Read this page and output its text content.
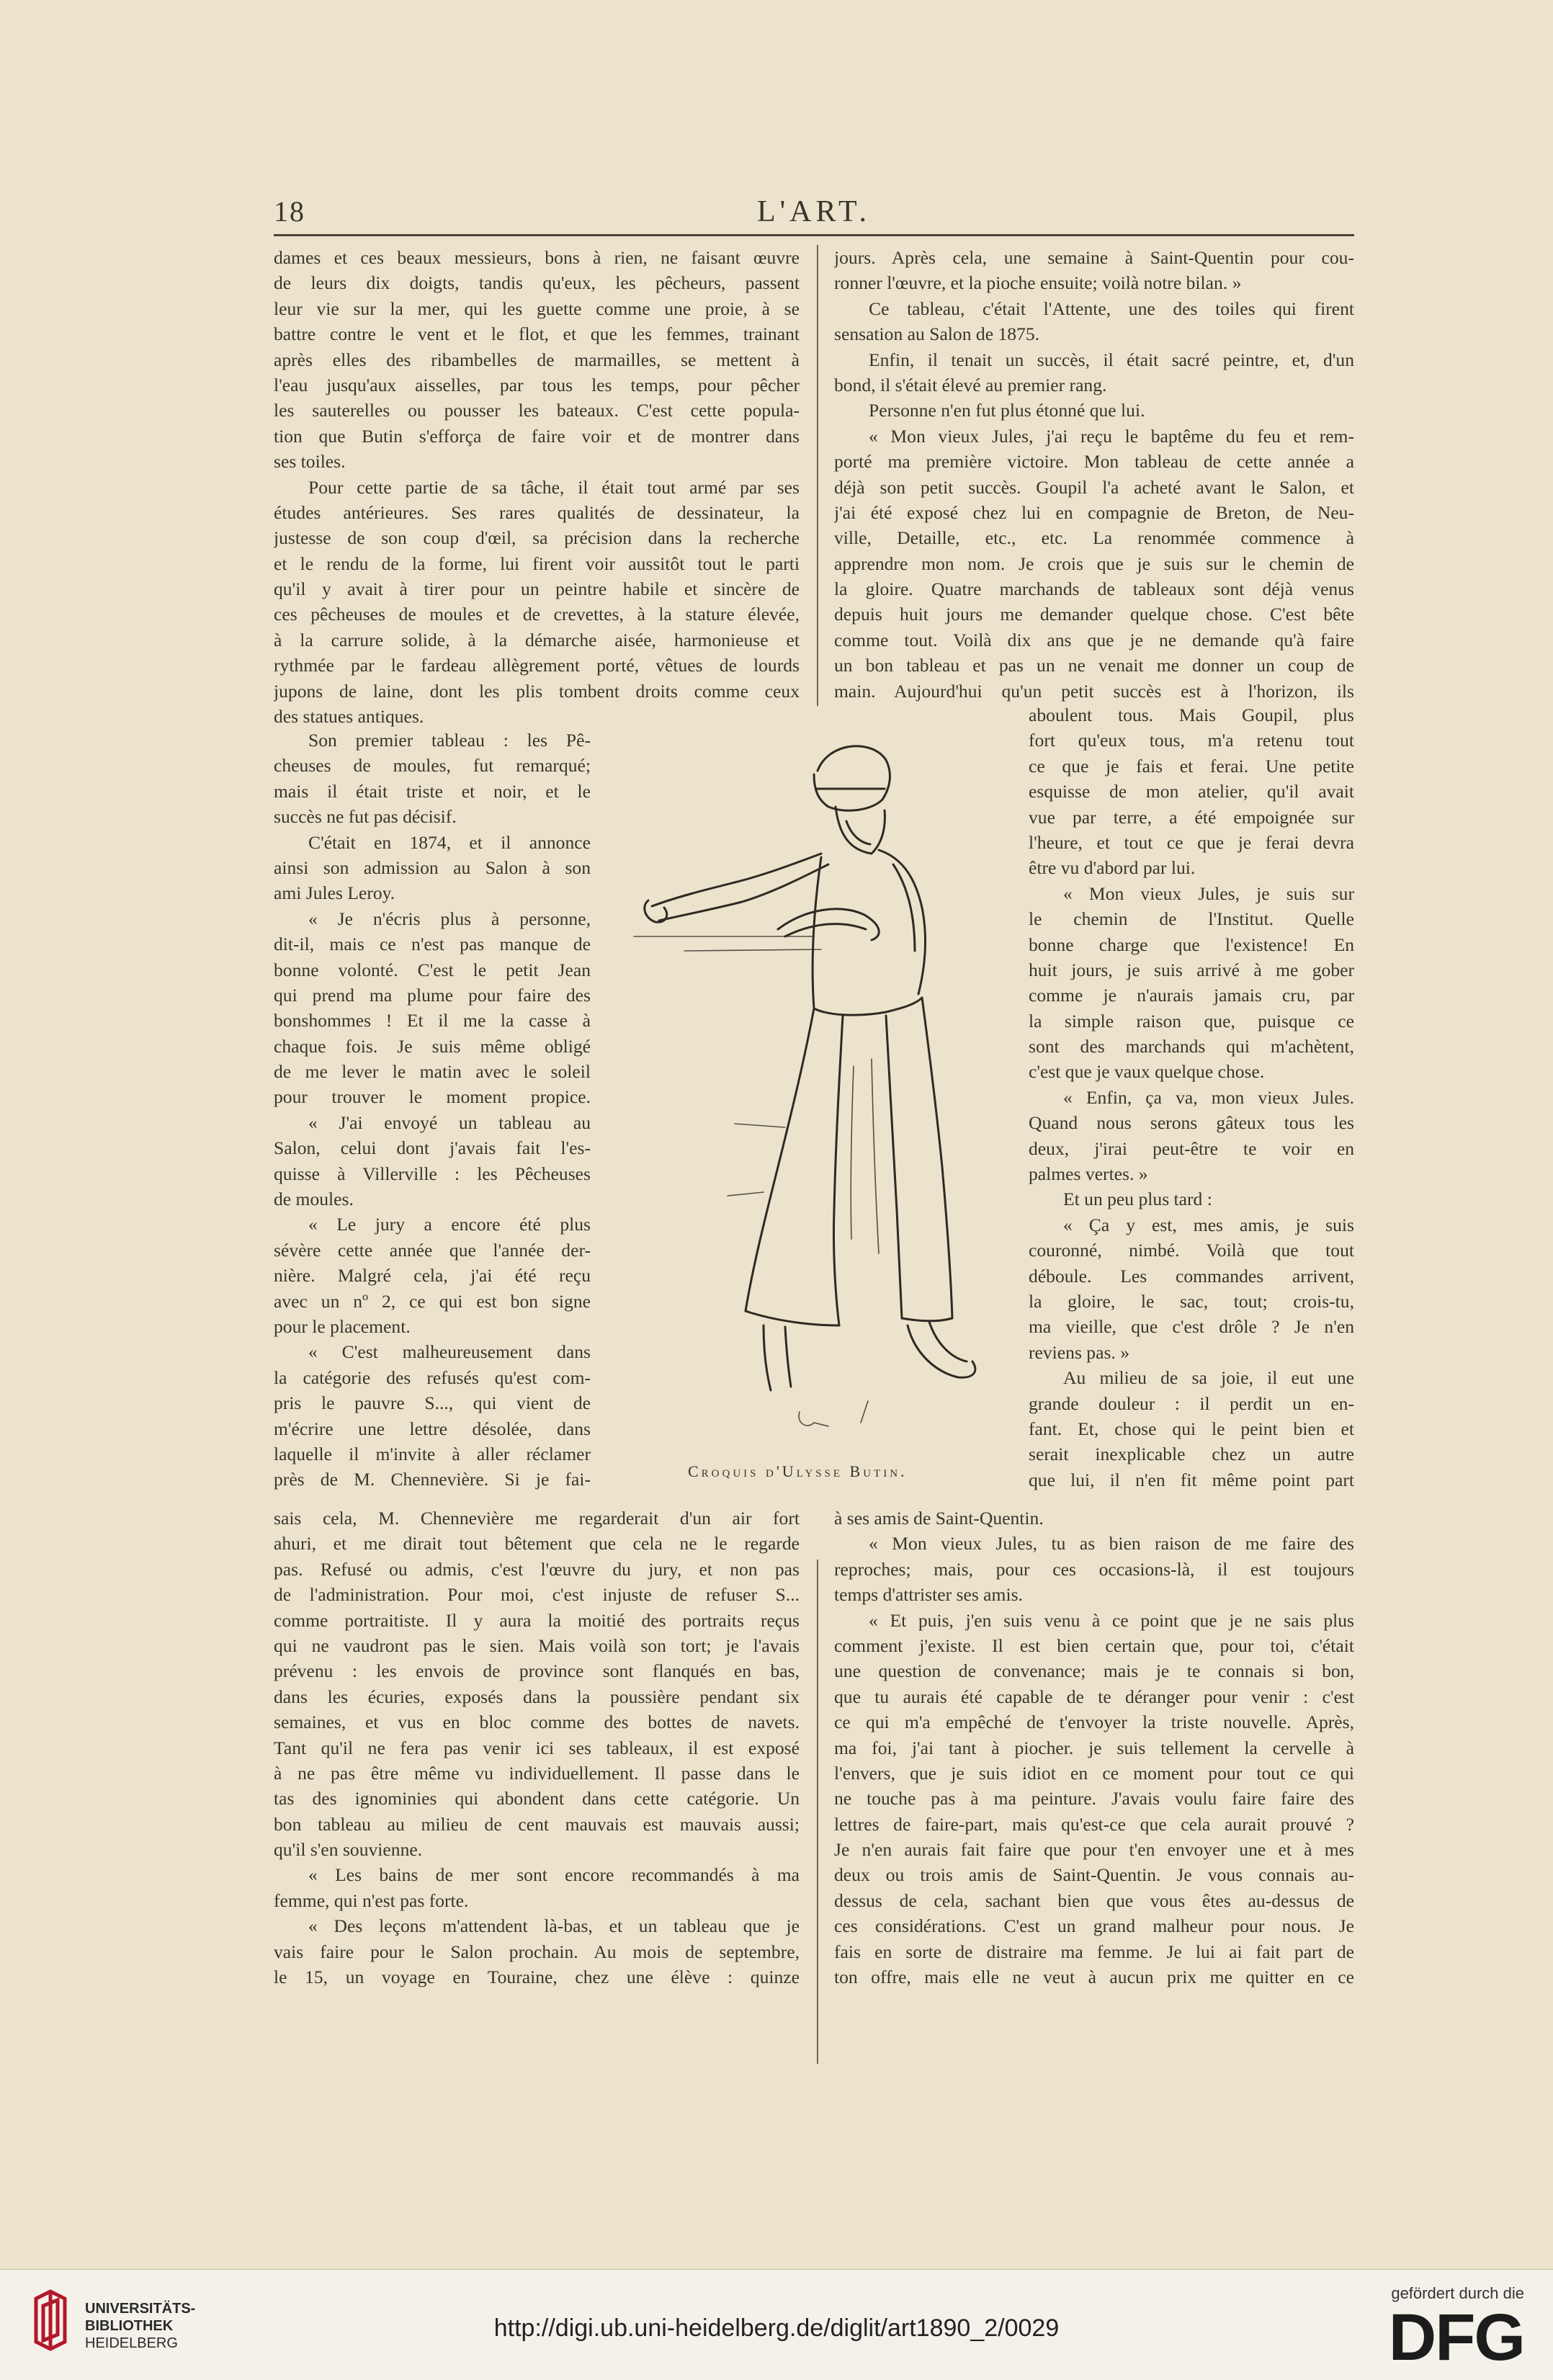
18	L'ART.
dames et ces beaux messieurs, bons à rien, ne faisant œuvre
de leurs dix doigts, tandis qu'eux, les pêcheurs, passent
leur vie sur la mer, qui les guette comme une proie, à se
battre contre le vent et le flot, et que les femmes, trainant
après elles des ribambelles de marmailles, se mettent à
l'eau jusqu'aux aisselles, par tous les temps, pour pêcher
les sauterelles ou pousser les bateaux. C'est cette popula-
tion que Butin s'efforça de faire voir et de montrer dans
ses toiles.
Pour cette partie de sa tâche, il était tout armé par ses
études antérieures. Ses rares qualités de dessinateur, la
justesse de son coup d'œil, sa précision dans la recherche
et le rendu de la forme, lui firent voir aussitôt tout le parti
qu'il y avait à tirer pour un peintre habile et sincère de
ces pêcheuses de moules et de crevettes, à la stature élevée,
à la carrure solide, à la démarche aisée, harmonieuse et
rythmée par le fardeau allègrement porté, vêtues de lourds
jupons de laine, dont les plis tombent droits comme ceux
des statues antiques.
Son premier tableau : les Pê-
cheuses de moules, fut remarqué;
mais il était triste et noir, et le
succès ne fut pas décisif.
C'était en 1874, et il annonce
ainsi son admission au Salon à son
ami Jules Leroy.
« Je n'écris plus à personne,
dit-il, mais ce n'est pas manque de
bonne volonté. C'est le petit Jean
qui prend ma plume pour faire des
bonshommes ! Et il me la casse à
chaque fois. Je suis même obligé
de me lever le matin avec le soleil
pour trouver le moment propice.
« J'ai envoyé un tableau au
Salon, celui dont j'avais fait l'es-
quisse à Villerville : les Pêcheuses
de moules.
« Le jury a encore été plus
sévère cette année que l'année der-
nière. Malgré cela, j'ai été reçu
avec un nº 2, ce qui est bon signe
pour le placement.
« C'est malheureusement dans
la catégorie des refusés qu'est com-
pris le pauvre S..., qui vient de
m'écrire une lettre désolée, dans
laquelle il m'invite à aller réclamer
près de M. Chennevière. Si je fai-
sais cela, M. Chennevière me regarderait d'un air fort
ahuri, et me dirait tout bêtement que cela ne le regarde
pas. Refusé ou admis, c'est l'œuvre du jury, et non pas
de l'administration. Pour moi, c'est injuste de refuser S...
comme portraitiste. Il y aura la moitié des portraits reçus
qui ne vaudront pas le sien. Mais voilà son tort; je l'avais
prévenu : les envois de province sont flanqués en bas,
dans les écuries, exposés dans la poussière pendant six
semaines, et vus en bloc comme des bottes de navets.
Tant qu'il ne fera pas venir ici ses tableaux, il est exposé
à ne pas être même vu individuellement. Il passe dans le
tas des ignominies qui abondent dans cette catégorie. Un
bon tableau au milieu de cent mauvais est mauvais aussi;
qu'il s'en souvienne.
« Les bains de mer sont encore recommandés à ma
femme, qui n'est pas forte.
« Des leçons m'attendent là-bas, et un tableau que je
vais faire pour le Salon prochain. Au mois de septembre,
le 15, un voyage en Touraine, chez une élève : quinze
jours. Après cela, une semaine à Saint-Quentin pour cou-
ronner l'œuvre, et la pioche ensuite; voilà notre bilan. »
Ce tableau, c'était l'Attente, une des toiles qui firent
sensation au Salon de 1875.
Enfin, il tenait un succès, il était sacré peintre, et, d'un
bond, il s'était élevé au premier rang.
Personne n'en fut plus étonné que lui.
« Mon vieux Jules, j'ai reçu le baptême du feu et rem-
porté ma première victoire. Mon tableau de cette année a
déjà son petit succès. Goupil l'a acheté avant le Salon, et
j'ai été exposé chez lui en compagnie de Breton, de Neu-
ville, Detaille, etc., etc. La renommée commence à
apprendre mon nom. Je crois que je suis sur le chemin de
la gloire. Quatre marchands de tableaux sont déjà venus
depuis huit jours me demander quelque chose. C'est bête
comme tout. Voilà dix ans que je ne demande qu'à faire
un bon tableau et pas un ne venait me donner un coup de
main. Aujourd'hui qu'un petit succès est à l'horizon, ils
aboulent tous. Mais Goupil, plus
fort qu'eux tous, m'a retenu tout
ce que je fais et ferai. Une petite
esquisse de mon atelier, qu'il avait
vue par terre, a été empoignée sur
l'heure, et tout ce que je ferai devra
être vu d'abord par lui.
« Mon vieux Jules, je suis sur
le chemin de l'Institut. Quelle
bonne charge que l'existence! En
huit jours, je suis arrivé à me gober
comme je n'aurais jamais cru, par
la simple raison que, puisque ce
sont des marchands qui m'achètent,
c'est que je vaux quelque chose.
« Enfin, ça va, mon vieux Jules.
Quand nous serons gâteux tous les
deux, j'irai peut-être te voir en
palmes vertes. »
Et un peu plus tard :
« Ça y est, mes amis, je suis
couronné, nimbé. Voilà que tout
déboule. Les commandes arrivent,
la gloire, le sac, tout; crois-tu,
ma vieille, que c'est drôle ? Je n'en
reviens pas. »
Au milieu de sa joie, il eut une
grande douleur : il perdit un en-
fant. Et, chose qui le peint bien et
serait inexplicable chez un autre
que lui, il n'en fit même point part
à ses amis de Saint-Quentin.
« Mon vieux Jules, tu as bien raison de me faire des
reproches; mais, pour ces occasions-là, il est toujours
temps d'attrister ses amis.
« Et puis, j'en suis venu à ce point que je ne sais plus
comment j'existe. Il est bien certain que, pour toi, c'était
une question de convenance; mais je te connais si bon,
que tu aurais été capable de te déranger pour venir : c'est
ce qui m'a empêché de t'envoyer la triste nouvelle. Après,
ma foi, j'ai tant à piocher. je suis tellement la cervelle à
l'envers, que je suis idiot en ce moment pour tout ce qui
ne touche pas à ma peinture. J'avais voulu faire faire des
lettres de faire-part, mais qu'est-ce que cela aurait prouvé ?
Je n'en aurais fait faire que pour t'en envoyer une et à mes
deux ou trois amis de Saint-Quentin. Je vous connais au-
dessus de cela, sachant bien que vous êtes au-dessus de
ces considérations. C'est un grand malheur pour nous. Je
fais en sorte de distraire ma femme. Je lui ai fait part de
ton offre, mais elle ne veut à aucun prix me quitter en ce
Croquis d'Ulysse Butin.
UNIVERSITÄTS-
BIBLIOTHEK
HEIDELBERG
http://digi.ub.uni-heidelberg.de/diglit/art1890_2/0029
gefördert durch die
DFG
